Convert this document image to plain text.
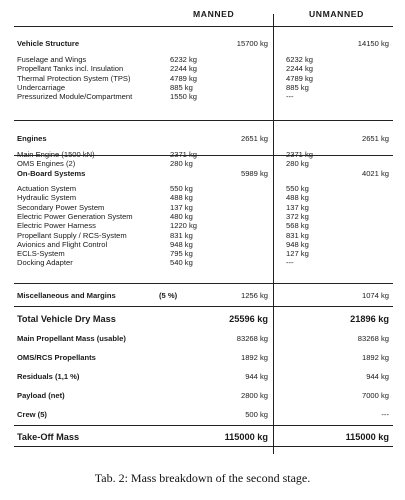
MANNED	UNMANNED
Vehicle Structure	15700 kg	14150 kg
Fuselage and Wings	6232 kg	6232 kg
Propellant Tanks incl. Insulation	2244 kg	2244 kg
Thermal Protection System (TPS)	4789 kg	4789 kg
Undercarriage	885 kg	885 kg
Pressurized Module/Compartment	1550 kg	---
Engines	2651 kg	2651 kg
Main Engine (1500 kN)	2371 kg	2371 kg
OMS Engines (2)	280 kg	280 kg
On-Board Systems	5989 kg	4021 kg
Actuation System	550 kg	550 kg
Hydraulic System	488 kg	488 kg
Secondary Power System	137 kg	137 kg
Electric Power Generation System	480 kg	372 kg
Electric Power Harness	1220 kg	568 kg
Propellant Supply / RCS-System	831 kg	831 kg
Avionics and Flight Control	948 kg	948 kg
ECLS-System	795 kg	127 kg
Docking Adapter	540 kg	---
Miscellaneous and Margins	(5 %)	1256 kg	1074 kg
Total Vehicle Dry Mass	25596 kg	21896 kg
Main Propellant Mass (usable)	83268 kg	83268 kg
OMS/RCS Propellants	1892 kg	1892 kg
Residuals (1,1 %)	944 kg	944 kg
Payload (net)	2800 kg	7000 kg
Crew (5)	500 kg	---
Take-Off Mass	115000 kg	115000 kg
Tab. 2: Mass breakdown of the second stage.
